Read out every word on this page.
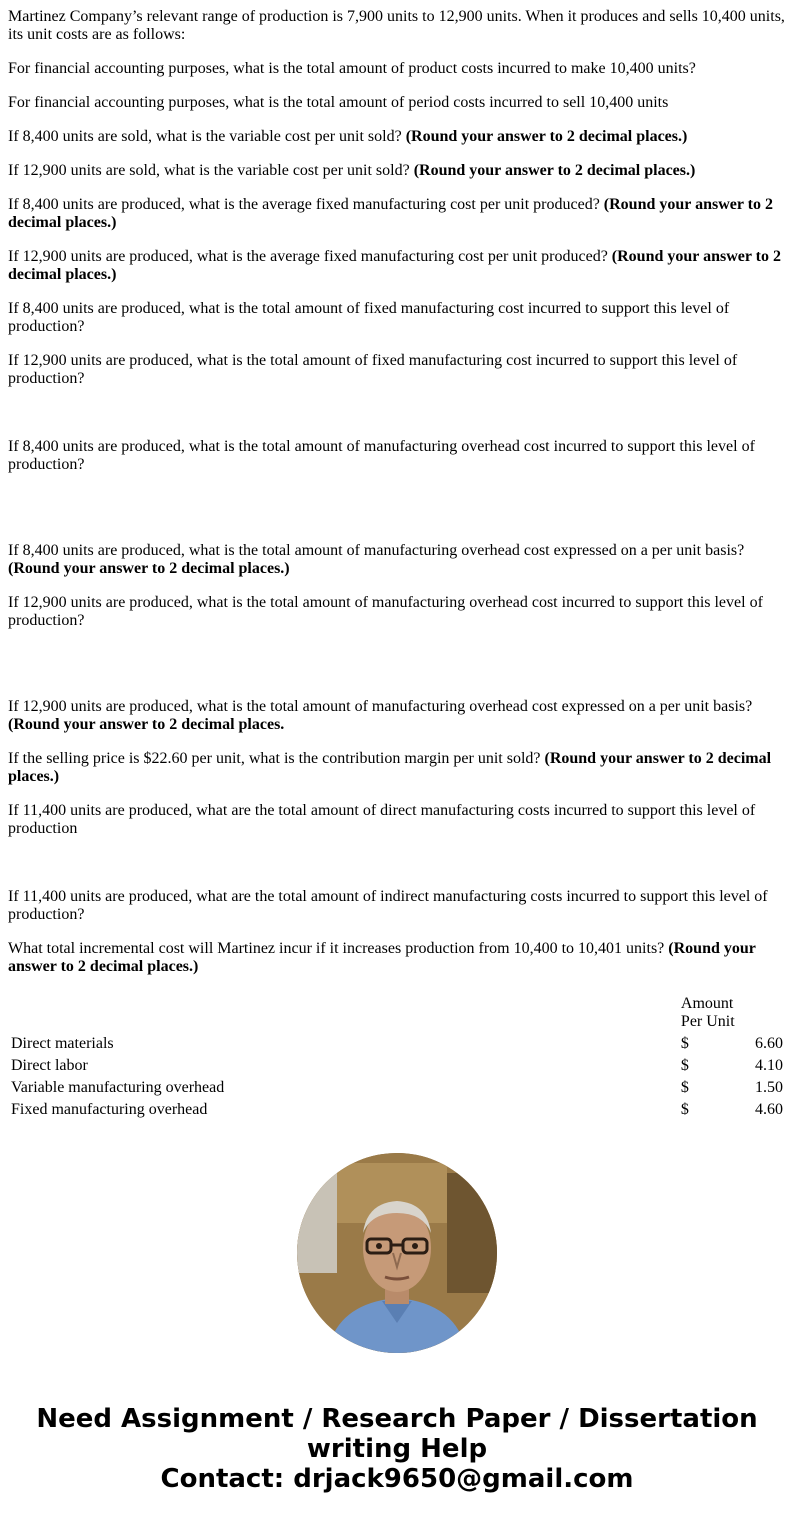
Martinez Company’s relevant range of production is 7,900 units to 12,900 units. When it produces and sells 10,400 units, its unit costs are as follows:

For financial accounting purposes, what is the total amount of product costs incurred to make 10,400 units?

For financial accounting purposes, what is the total amount of period costs incurred to sell 10,400 units

If 8,400 units are sold, what is the variable cost per unit sold? (Round your answer to 2 decimal places.)

If 12,900 units are sold, what is the variable cost per unit sold? (Round your answer to 2 decimal places.)

If 8,400 units are produced, what is the average fixed manufacturing cost per unit produced? (Round your answer to 2 decimal places.)

If 12,900 units are produced, what is the average fixed manufacturing cost per unit produced? (Round your answer to 2 decimal places.)

If 8,400 units are produced, what is the total amount of fixed manufacturing cost incurred to support this level of production?

If 12,900 units are produced, what is the total amount of fixed manufacturing cost incurred to support this level of production?

If 8,400 units are produced, what is the total amount of manufacturing overhead cost incurred to support this level of production?

If 8,400 units are produced, what is the total amount of manufacturing overhead cost expressed on a per unit basis? (Round your answer to 2 decimal places.)

If 12,900 units are produced, what is the total amount of manufacturing overhead cost incurred to support this level of production?

If 12,900 units are produced, what is the total amount of manufacturing overhead cost expressed on a per unit basis? (Round your answer to 2 decimal places.

If the selling price is $22.60 per unit, what is the contribution margin per unit sold? (Round your answer to 2 decimal places.)

If 11,400 units are produced, what are the total amount of direct manufacturing costs incurred to support this level of production

If 11,400 units are produced, what are the total amount of indirect manufacturing costs incurred to support this level of production?

What total incremental cost will Martinez incur if it increases production from 10,400 to 10,401 units? (Round your answer to 2 decimal places.)

	Amount Per Unit	

Direct materials	$	6.60
Direct labor	$	4.10
Variable manufacturing overhead	$	1.50
Fixed manufacturing overhead	$	4.60
Need Assignment / Research Paper / Dissertation
writing Help
Contact: drjack9650@gmail.com
